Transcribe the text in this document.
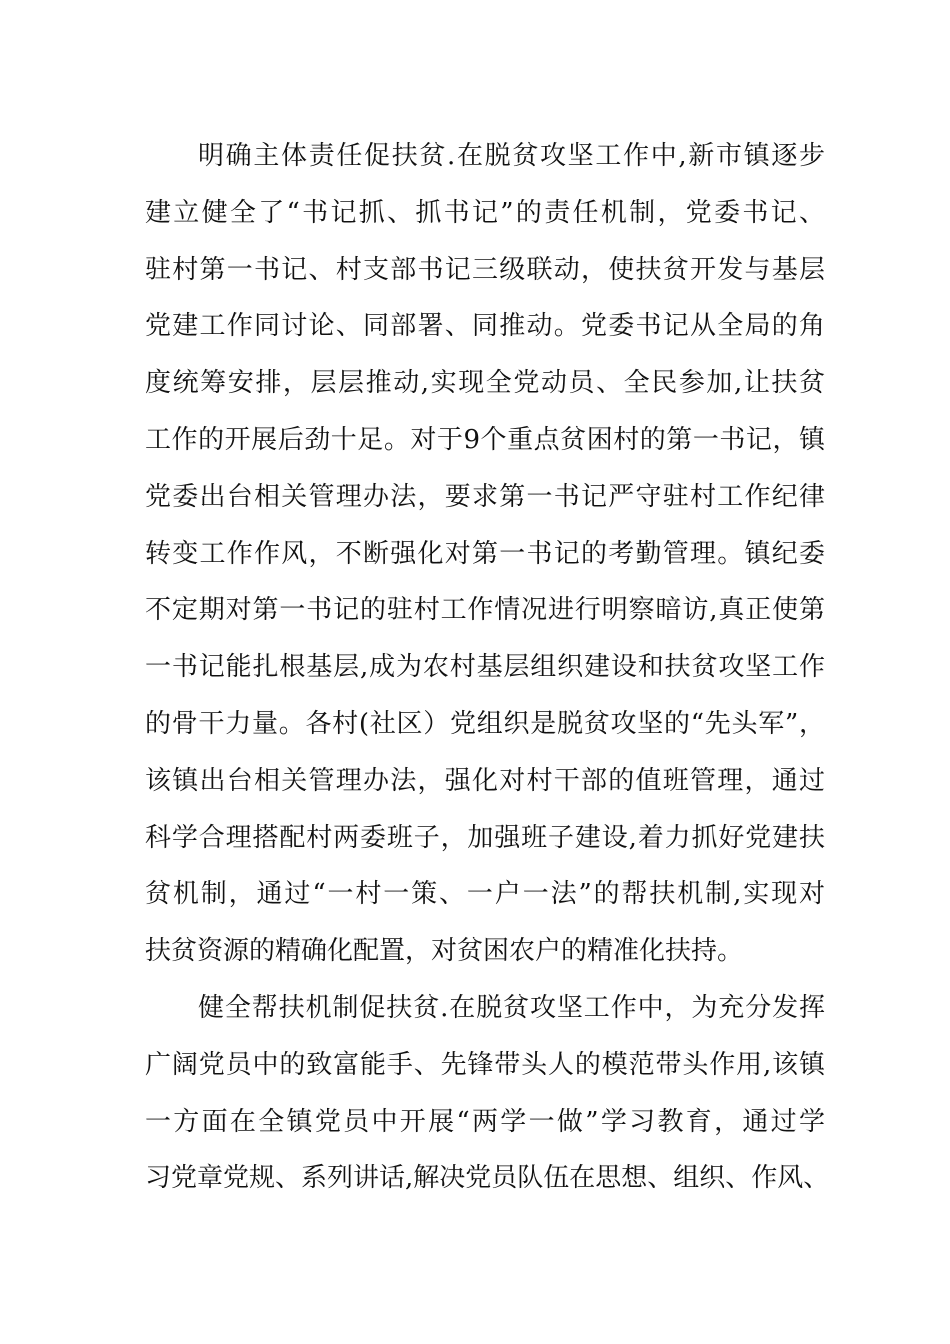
明确主体责任促扶贫.在脱贫攻坚工作中,新市镇逐步
建立健全了“书记抓、抓书记”的责任机制，党委书记、
驻村第一书记、村支部书记三级联动，使扶贫开发与基层
党建工作同讨论、同部署、同推动。党委书记从全局的角
度统筹安排，层层推动,实现全党动员、全民参加,让扶贫
工作的开展后劲十足。对于9个重点贫困村的第一书记，镇
党委出台相关管理办法，要求第一书记严守驻村工作纪律
转变工作作风，不断强化对第一书记的考勤管理。镇纪委
不定期对第一书记的驻村工作情况进行明察暗访,真正使第
一书记能扎根基层,成为农村基层组织建设和扶贫攻坚工作
的骨干力量。各村(社区）党组织是脱贫攻坚的“先头军”，
该镇出台相关管理办法，强化对村干部的值班管理，通过
科学合理搭配村两委班子，加强班子建设,着力抓好党建扶
贫机制，通过“一村一策、一户一法”的帮扶机制,实现对
扶贫资源的精确化配置，对贫困农户的精准化扶持。
健全帮扶机制促扶贫.在脱贫攻坚工作中，为充分发挥
广阔党员中的致富能手、先锋带头人的模范带头作用,该镇
一方面在全镇党员中开展“两学一做”学习教育，通过学
习党章党规、系列讲话,解决党员队伍在思想、组织、作风、
